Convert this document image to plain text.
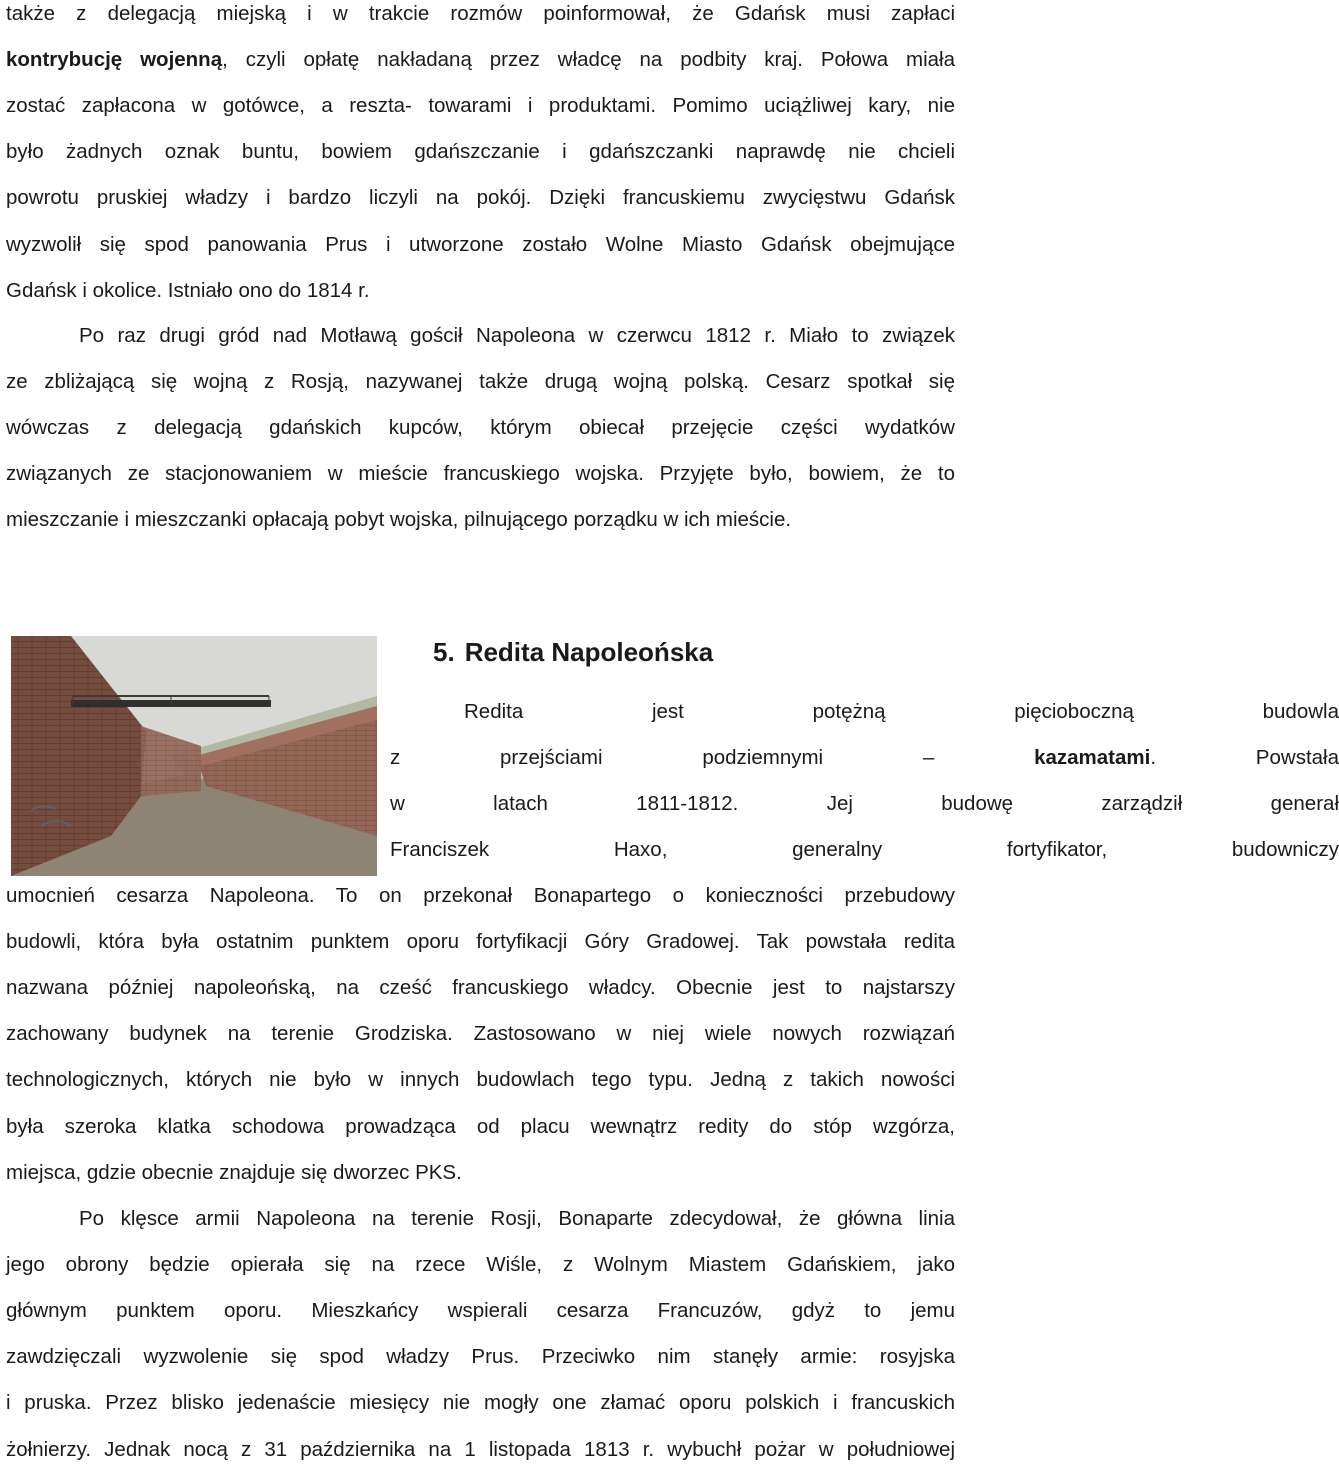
także z delegacją miejską i w trakcie rozmów poinformował, że Gdańsk musi zapłaci
kontrybucję wojenną, czyli opłatę nakładaną przez władcę na podbity kraj. Połowa miała
zostać zapłacona w gotówce, a reszta- towarami i produktami. Pomimo uciążliwej kary, nie
było żadnych oznak buntu, bowiem gdańszczanie i gdańszczanki naprawdę nie chcieli
powrotu pruskiej władzy i bardzo liczyli na pokój. Dzięki francuskiemu zwycięstwu Gdańsk
wyzwolił się spod panowania Prus i utworzone zostało Wolne Miasto Gdańsk obejmujące
Gdańsk i okolice. Istniało ono do 1814 r.
Po raz drugi gród nad Motławą gościł Napoleona w czerwcu 1812 r. Miało to związek
ze zbliżającą się wojną z Rosją, nazywanej także drugą wojną polską. Cesarz spotkał się
wówczas z delegacją gdańskich kupców, którym obiecał przejęcie części wydatków
związanych ze stacjonowaniem w mieście francuskiego wojska. Przyjęte było, bowiem, że to
mieszczanie i mieszczanki opłacają pobyt wojska, pilnującego porządku w ich mieście.
5. Redita Napoleońska
Redita jest potężną pięcioboczną budowla
z przejściami podziemnymi – kazamatami. Powstała
w latach 1811-1812. Jej budowę zarządził generał
Franciszek Haxo, generalny fortyfikator, budowniczy
umocnień cesarza Napoleona. To on przekonał Bonapartego o konieczności przebudowy
budowli, która była ostatnim punktem oporu fortyfikacji Góry Gradowej. Tak powstała redita
nazwana później napoleońską, na cześć francuskiego władcy. Obecnie jest to najstarszy
zachowany budynek na terenie Grodziska. Zastosowano w niej wiele nowych rozwiązań
technologicznych, których nie było w innych budowlach tego typu. Jedną z takich nowości
była szeroka klatka schodowa prowadząca od placu wewnątrz redity do stóp wzgórza,
miejsca, gdzie obecnie znajduje się dworzec PKS.
Po klęsce armii Napoleona na terenie Rosji, Bonaparte zdecydował, że główna linia
jego obrony będzie opierała się na rzece Wiśle, z Wolnym Miastem Gdańskiem, jako
głównym punktem oporu. Mieszkańcy wspierali cesarza Francuzów, gdyż to jemu
zawdzięczali wyzwolenie się spod władzy Prus. Przeciwko nim stanęły armie: rosyjska
i pruska. Przez blisko jedenaście miesięcy nie mogły one złamać oporu polskich i francuskich
żołnierzy. Jednak nocą z 31 października na 1 listopada 1813 r. wybuchł pożar w południowej
